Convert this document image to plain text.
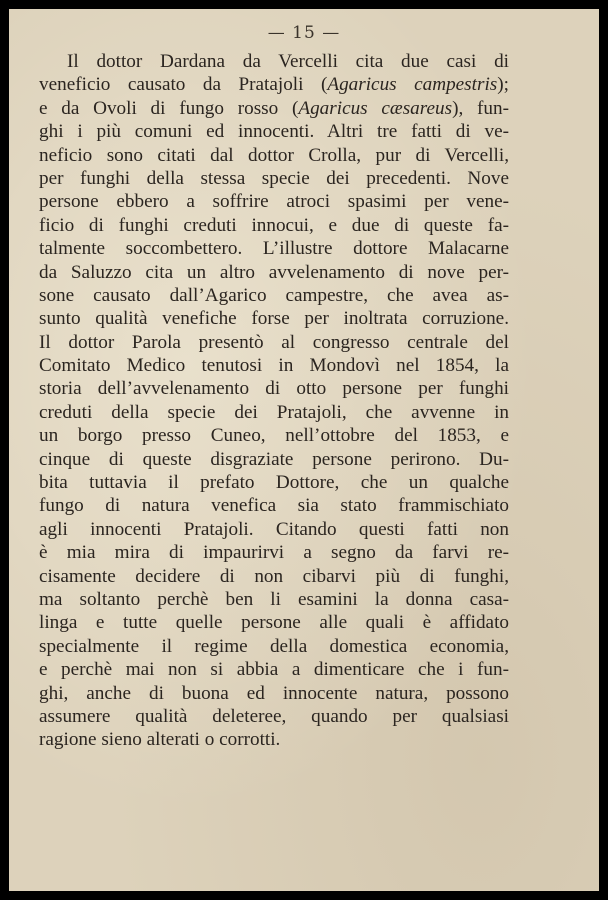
— 15 —
Il dottor Dardana da Vercelli cita due casi di
veneficio causato da Pratajoli (Agaricus campestris);
e da Ovoli di fungo rosso (Agaricus cæsareus), fun-
ghi i più comuni ed innocenti. Altri tre fatti di ve-
neficio sono citati dal dottor Crolla, pur di Vercelli,
per funghi della stessa specie dei precedenti. Nove
persone ebbero a soffrire atroci spasimi per vene-
ficio di funghi creduti innocui, e due di queste fa-
talmente soccombettero. L’illustre dottore Malacarne
da Saluzzo cita un altro avvelenamento di nove per-
sone causato dall’Agarico campestre, che avea as-
sunto qualità venefiche forse per inoltrata corruzione.
Il dottor Parola presentò al congresso centrale del
Comitato Medico tenutosi in Mondovì nel 1854, la
storia dell’avvelenamento di otto persone per funghi
creduti della specie dei Pratajoli, che avvenne in
un borgo presso Cuneo, nell’ottobre del 1853, e
cinque di queste disgraziate persone perirono. Du-
bita tuttavia il prefato Dottore, che un qualche
fungo di natura venefica sia stato frammischiato
agli innocenti Pratajoli. Citando questi fatti non
è mia mira di impaurirvi a segno da farvi re-
cisamente decidere di non cibarvi più di funghi,
ma soltanto perchè ben li esamini la donna casa-
linga e tutte quelle persone alle quali è affidato
specialmente il regime della domestica economia,
e perchè mai non si abbia a dimenticare che i fun-
ghi, anche di buona ed innocente natura, possono
assumere qualità deleteree, quando per qualsiasi
ragione sieno alterati o corrotti.
